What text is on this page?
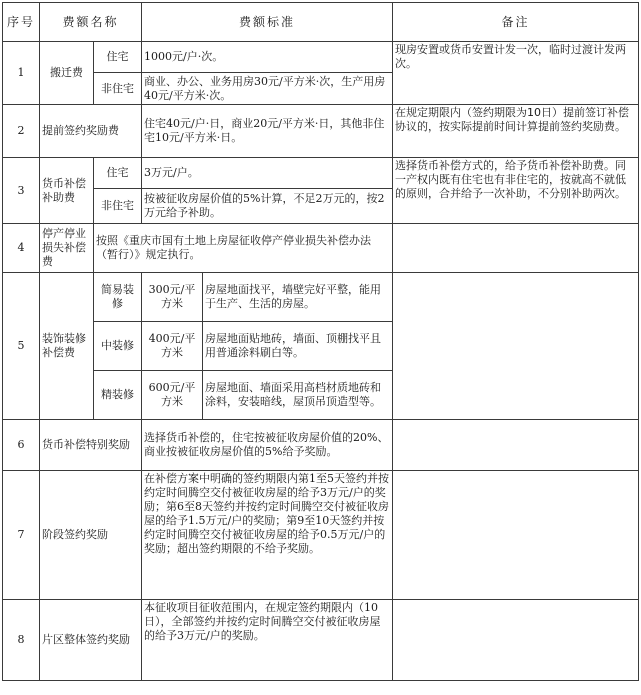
序号	费额名称		费额标准		备注
1	搬迁费	住宅	1000元/户·次。		现房安置或货币安置计发一次，临时过渡计发两次。
		非住宅	商业、办公、业务用房30元/平方米·次，生产用房40元/平方米·次。		
2	提前签约奖励费		住宅40元/户·日，商业20元/平方米·日，其他非住宅10元/平方米·日。		在规定期限内（签约期限为10日）提前签订补偿协议的，按实际提前时间计算提前签约奖励费。
3	货币补偿补助费	住宅	3万元/户。		选择货币补偿方式的，给予货币补偿补助费。同一产权内既有住宅也有非住宅的，按就高不就低的原则，合并给予一次补助，不分别补助两次。
		非住宅	按被征收房屋价值的5%计算，不足2万元的，按2万元给予补助。		
4	停产停业损失补偿费	按照《重庆市国有土地上房屋征收停产停业损失补偿办法（暂行）》规定执行。			
5	装饰装修补偿费	简易装修	300元/平方米	房屋地面找平，墙壁完好平整，能用于生产、生活的房屋。	
		中装修	400元/平方米	房屋地面贴地砖，墙面、顶棚找平且用普通涂料刷白等。	
		精装修	600元/平方米	房屋地面、墙面采用高档材质地砖和涂料，安装暗线，屋顶吊顶造型等。	
6	货币补偿特别奖励		选择货币补偿的，住宅按被征收房屋价值的20%、商业按被征收房屋价值的5%给予奖励。		
7	阶段签约奖励		在补偿方案中明确的签约期限内第1至5天签约并按约定时间腾空交付被征收房屋的给予3万元/户的奖励；第6至8天签约并按约定时间腾空交付被征收房屋的给予1.5万元/户的奖励；第9至10天签约并按约定时间腾空交付被征收房屋的给予0.5万元/户的奖励；超出签约期限的不给予奖励。		
8	片区整体签约奖励		本征收项目征收范围内，在规定签约期限内（10日），全部签约并按约定时间腾空交付被征收房屋的给予3万元/户的奖励。		
